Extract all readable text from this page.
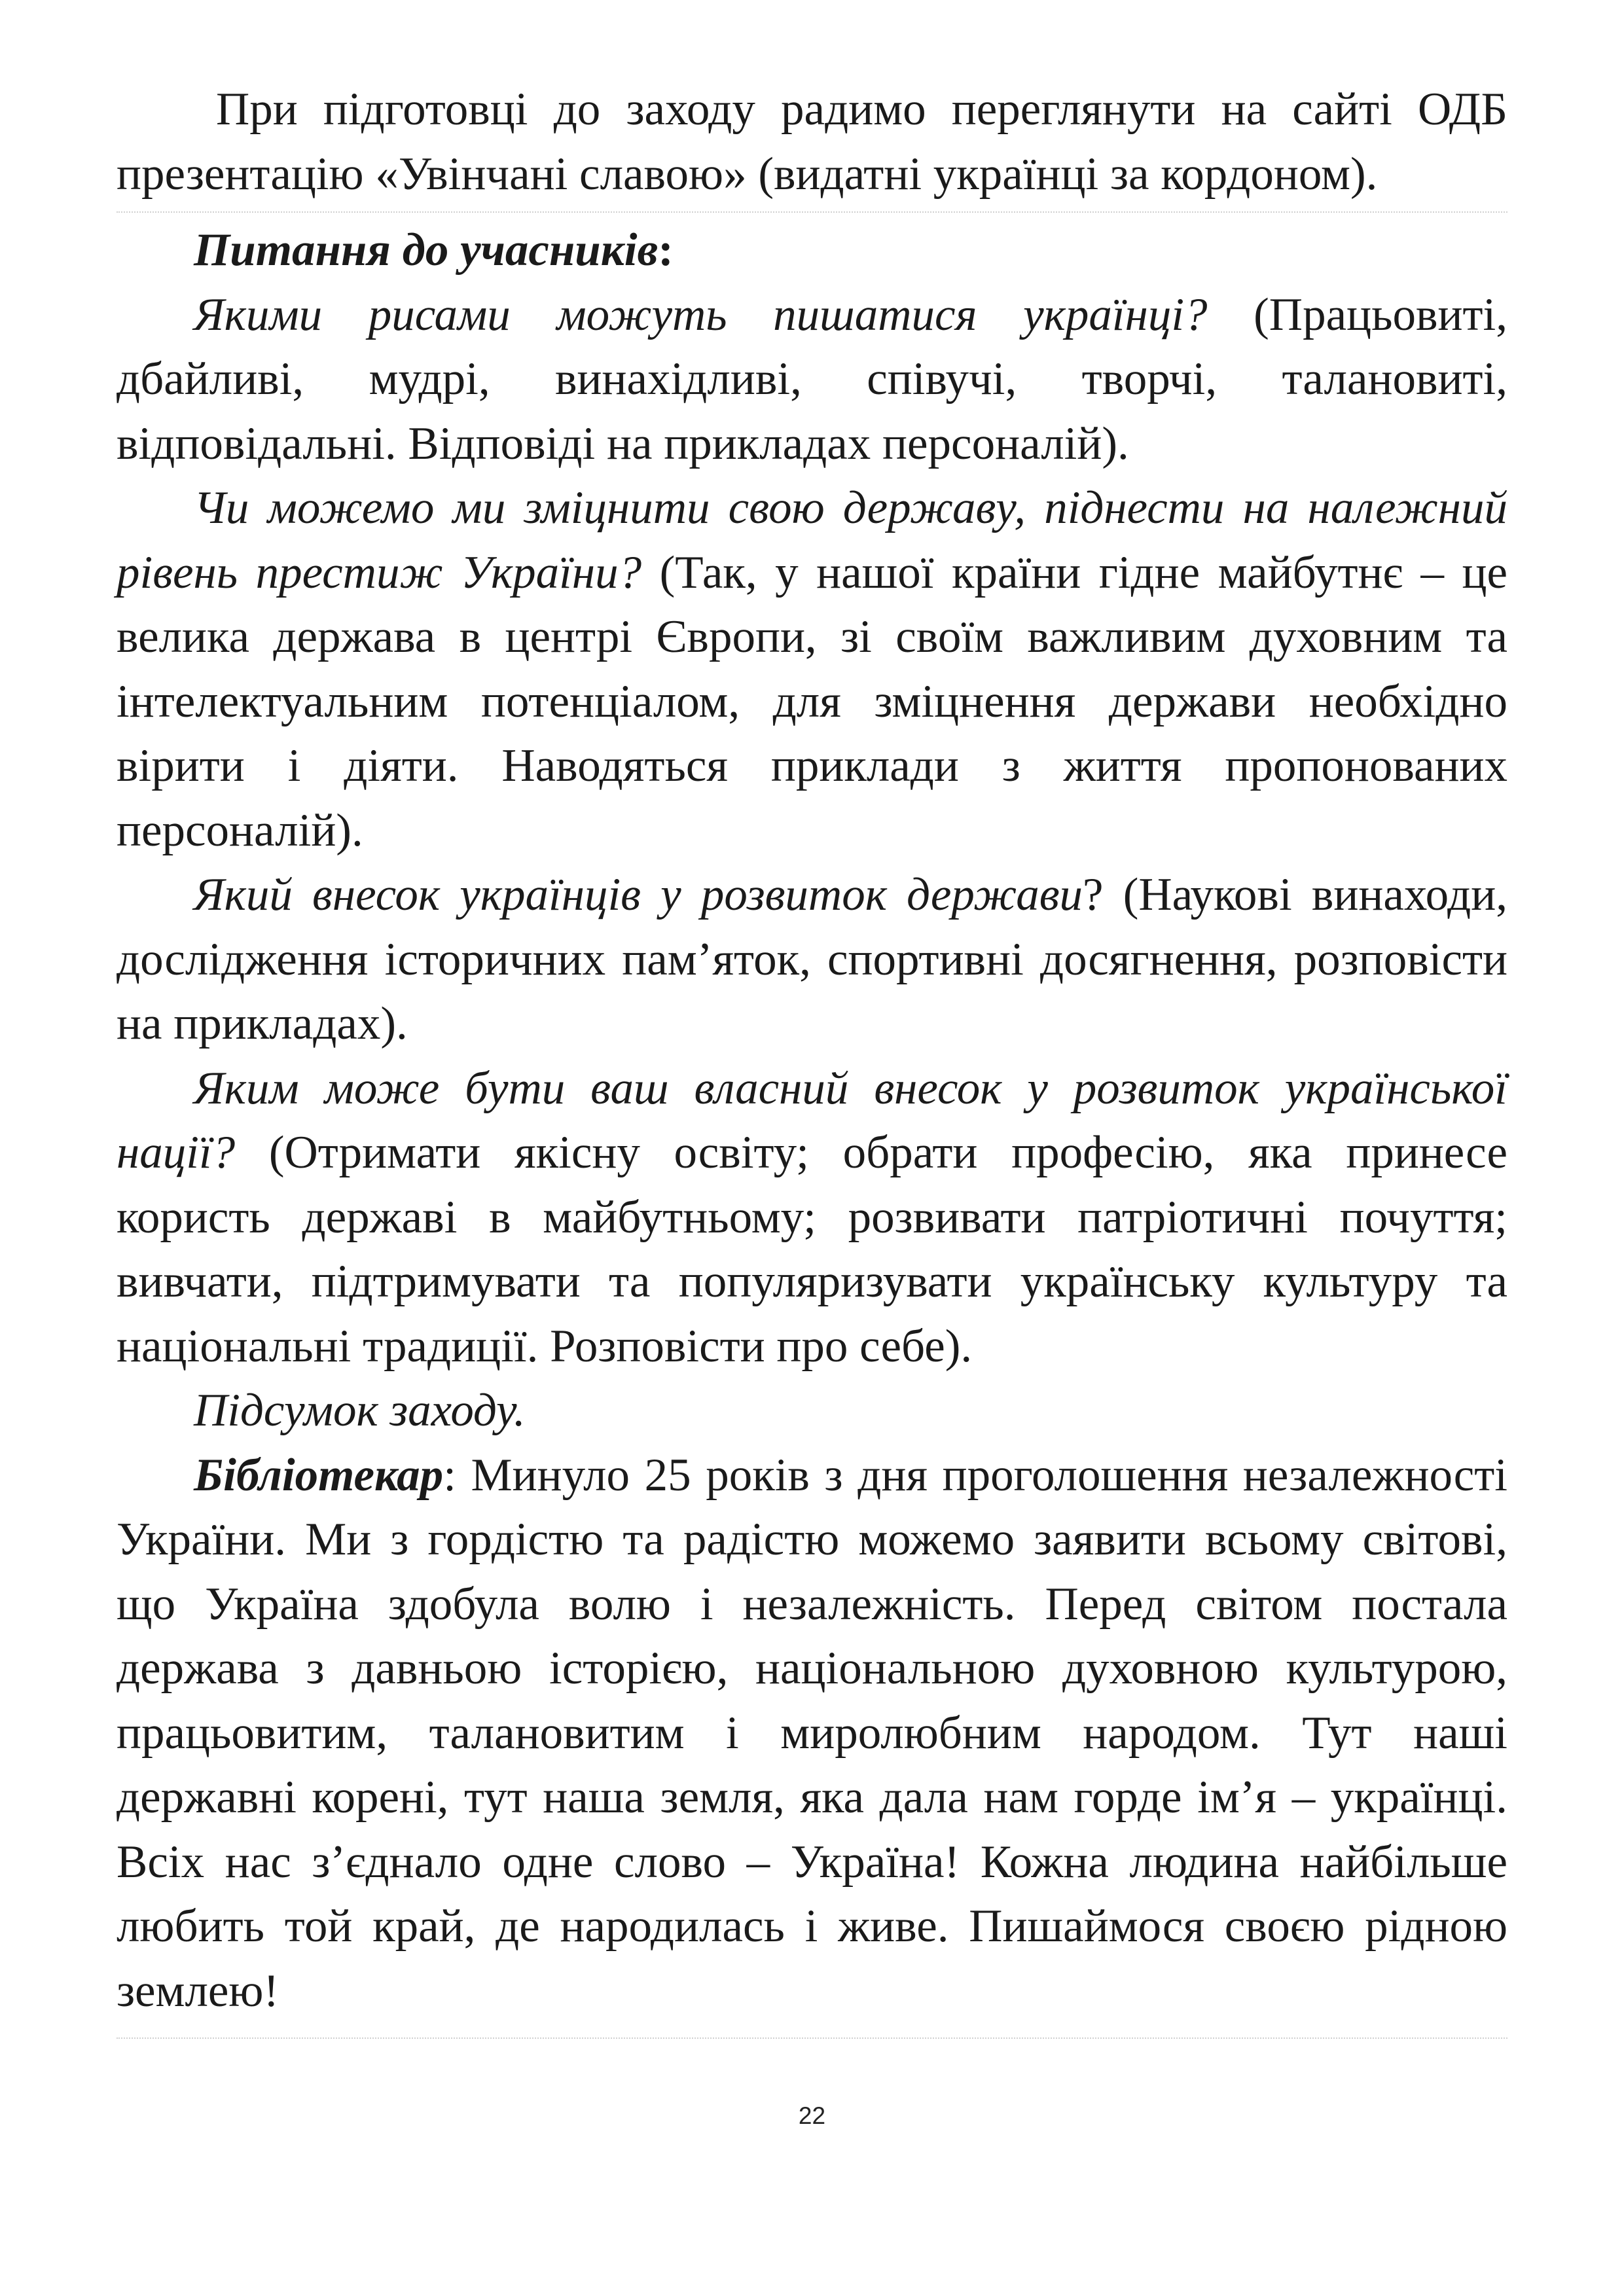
При підготовці до заходу радимо переглянути на сайті ОДБ презентацію «Увінчані славою» (видатні українці за кордоном).

Питання до учасників:

Якими рисами можуть пишатися українці? (Працьовиті, дбайливі, мудрі, винахідливі, співучі, творчі, талановиті, відповідальні. Відповіді на прикладах персоналій).

Чи можемо ми зміцнити свою державу, піднести на належний рівень престиж України? (Так, у нашої країни гідне майбутнє – це велика держава в центрі Європи, зі своїм важливим духовним та інтелектуальним потенціалом, для зміцнення держави необхідно вірити і діяти. Наводяться приклади з життя пропонованих персоналій).

Який внесок українців у розвиток держави? (Наукові винаходи, дослідження історичних пам’яток, спортивні досягнення, розповісти на прикладах).

Яким може бути ваш власний внесок у розвиток української нації? (Отримати якісну освіту; обрати професію, яка принесе користь державі в майбутньому; розвивати патріотичні почуття; вивчати, підтримувати та популяризувати українську культуру та національні традиції. Розповісти про себе).

Підсумок заходу.

Бібліотекар: Минуло 25 років з дня проголошення незалежності України. Ми з гордістю та радістю можемо заявити всьому світові, що Україна здобула волю і незалежність. Перед світом постала держава з давньою історією, національною духовною культурою, працьовитим, талановитим і миролюбним народом. Тут наші державні корені, тут наша земля, яка дала нам горде ім’я – українці. Всіх нас з’єднало одне слово – Україна! Кожна людина найбільше любить той край, де народилась і живе. Пишаймося своєю рідною землею!

22
